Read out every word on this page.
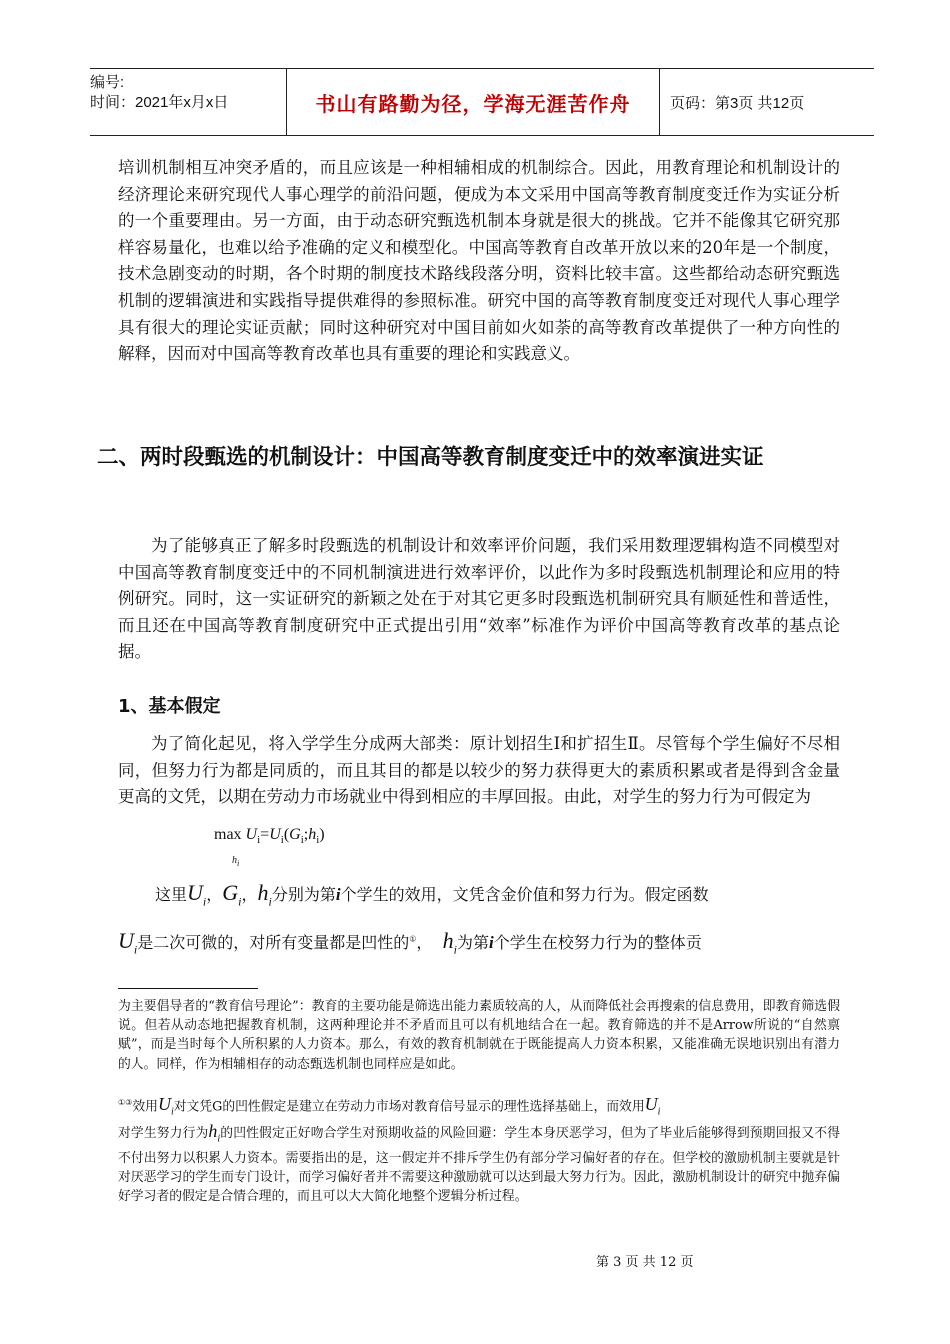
编号:
时间：2021年x月x日	书山有路勤为径，学海无涯苦作舟	页码：第3页 共12页

培训机制相互冲突矛盾的，而且应该是一种相辅相成的机制综合。因此，用教育理论和机制设计的经济理论来研究现代人事心理学的前沿问题，便成为本文采用中国高等教育制度变迁作为实证分析的一个重要理由。另一方面，由于动态研究甄选机制本身就是很大的挑战。它并不能像其它研究那样容易量化，也难以给予准确的定义和模型化。中国高等教育自改革开放以来的20年是一个制度，技术急剧变动的时期，各个时期的制度技术路线段落分明，资料比较丰富。这些都给动态研究甄选机制的逻辑演进和实践指导提供难得的参照标准。研究中国的高等教育制度变迁对现代人事心理学具有很大的理论实证贡献；同时这种研究对中国目前如火如荼的高等教育改革提供了一种方向性的解释，因而对中国高等教育改革也具有重要的理论和实践意义。

二、两时段甄选的机制设计：中国高等教育制度变迁中的效率演进实证

为了能够真正了解多时段甄选的机制设计和效率评价问题，我们采用数理逻辑构造不同模型对中国高等教育制度变迁中的不同机制演进进行效率评价，以此作为多时段甄选机制理论和应用的特例研究。同时，这一实证研究的新颖之处在于对其它更多时段甄选机制研究具有顺延性和普适性，而且还在中国高等教育制度研究中正式提出引用“效率”标准作为评价中国高等教育改革的基点论据。

1、基本假定

为了简化起见，将入学学生分成两大部类：原计划招生Ⅰ和扩招生Ⅱ。尽管每个学生偏好不尽相同，但努力行为都是同质的，而且其目的都是以较少的努力获得更大的素质积累或者是得到含金量更高的文凭，以期在劳动力市场就业中得到相应的丰厚回报。由此，对学生的努力行为可假定为

$\max U_i=U_i(G_i;h_i)$
$h_i$
这里$U_i$，$G_i$，$h_i$分别为第i个学生的效用，文凭含金价值和努力行为。假定函数
$U_i$是二次可微的，对所有变量都是凹性的①， $h_i$为第i个学生在校努力行为的整体贡

为主要倡导者的“教育信号理论”：教育的主要功能是筛选出能力素质较高的人，从而降低社会再搜索的信息费用，即教育筛选假说。但若从动态地把握教育机制，这两种理论并不矛盾而且可以有机地结合在一起。教育筛选的并不是Arrow所说的“自然禀赋”，而是当时每个人所积累的人力资本。那么，有效的教育机制就在于既能提高人力资本积累，又能准确无误地识别出有潜力的人。同样，作为相辅相存的动态甄选机制也同样应是如此。

①③效用$U_i$对文凭G的凹性假定是建立在劳动力市场对教育信号显示的理性选择基础上，而效用$U_i$
对学生努力行为$h_i$的凹性假定正好吻合学生对预期收益的风险回避：学生本身厌恶学习，但为了毕业后能够得到预期回报又不得不付出努力以积累人力资本。需要指出的是，这一假定并不排斥学生仍有部分学习偏好者的存在。但学校的激励机制主要就是针对厌恶学习的学生而专门设计，而学习偏好者并不需要这种激励就可以达到最大努力行为。因此，激励机制设计的研究中抛弃偏好学习者的假定是合情合理的，而且可以大大简化地整个逻辑分析过程。

第 3 页 共 12 页
